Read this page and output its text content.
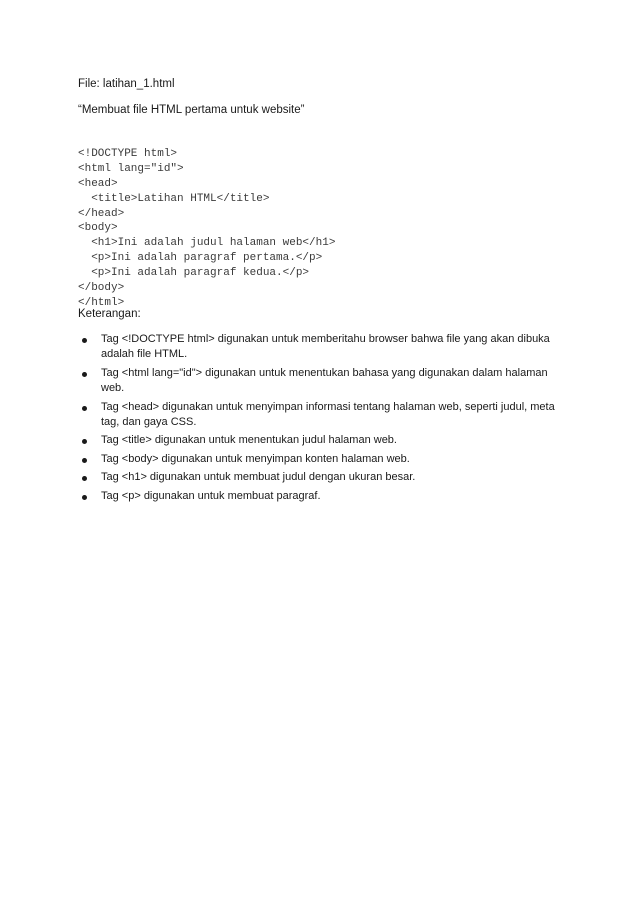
File: latihan_1.html

“Membuat file HTML pertama untuk website”

<!DOCTYPE html>
<html lang="id">
<head>
<title>Latihan HTML</title>
</head>
<body>
<h1>Ini adalah judul halaman web</h1>
<p>Ini adalah paragraf pertama.</p>
<p>Ini adalah paragraf kedua.</p>
</body>
</html>

Keterangan:

Tag <!DOCTYPE html> digunakan untuk memberitahu browser bahwa file yang akan dibuka adalah file HTML.
Tag <html lang="id"> digunakan untuk menentukan bahasa yang digunakan dalam halaman web.
Tag <head> digunakan untuk menyimpan informasi tentang halaman web, seperti judul, meta tag, dan gaya CSS.
Tag <title> digunakan untuk menentukan judul halaman web.
Tag <body> digunakan untuk menyimpan konten halaman web.
Tag <h1> digunakan untuk membuat judul dengan ukuran besar.
Tag <p> digunakan untuk membuat paragraf.
